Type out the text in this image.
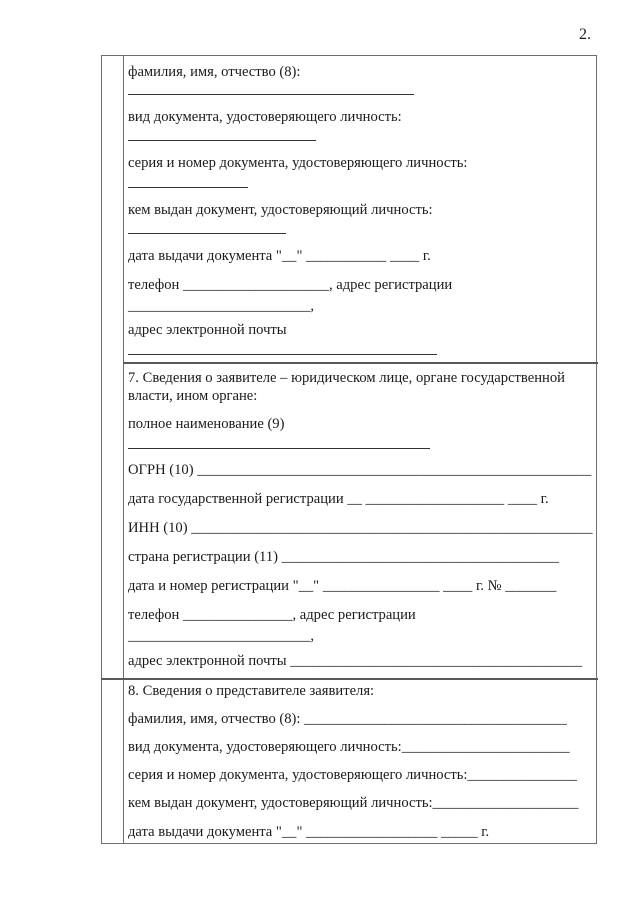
2.
фамилия, имя, отчество (8):
вид документа, удостоверяющего личность:
серия и номер документа, удостоверяющего личность:
кем выдан документ, удостоверяющий личность:
дата выдачи документа "__" ___________ ____ г.
телефон ____________________, адрес регистрации
_________________________,
адрес электронной почты
7. Сведения о заявителе – юридическом лице, органе государственной
власти, ином органе:
полное наименование (9)
ОГРН (10) ______________________________________________________
дата государственной регистрации __ ___________________ ____ г.
ИНН (10) _______________________________________________________
страна регистрации (11) ______________________________________
дата и номер регистрации "__" ________________ ____ г. № _______
телефон _______________, адрес регистрации
_________________________,
адрес электронной почты ________________________________________
8. Сведения о представителе заявителя:
фамилия, имя, отчество (8): ____________________________________
вид документа, удостоверяющего личность:_______________________
серия и номер документа, удостоверяющего личность:_______________
кем выдан документ, удостоверяющий личность:____________________
дата выдачи документа "__" __________________ _____ г.
